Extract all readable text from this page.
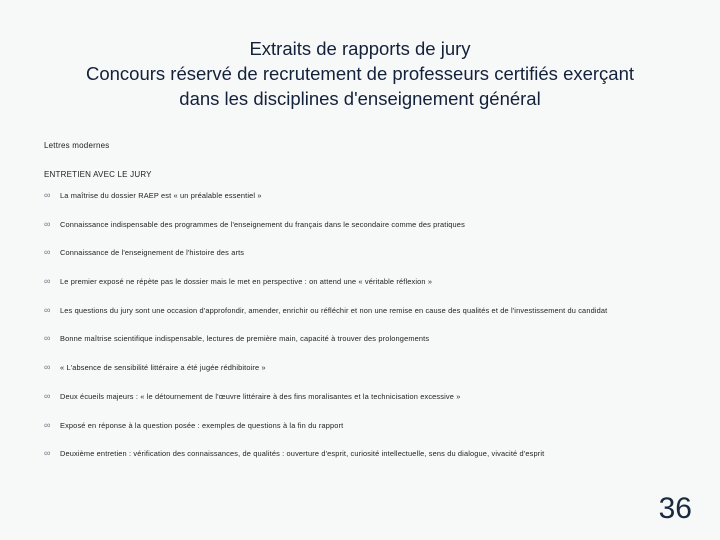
Extraits de rapports de jury
Concours réservé de recrutement de professeurs certifiés exerçant
dans les disciplines d'enseignement général
Lettres modernes
ENTRETIEN AVEC LE JURY
∞	La maîtrise du dossier RAEP est « un préalable essentiel »
∞	Connaissance indispensable des programmes de l'enseignement du français dans le secondaire comme des pratiques
∞	Connaissance de l'enseignement de l'histoire des arts
∞	Le premier exposé ne répète pas le dossier mais le met en perspective : on attend une « véritable réflexion »
∞	Les questions du jury sont une occasion d'approfondir, amender, enrichir ou réfléchir et non une remise en cause des qualités et de l'investissement du candidat
∞	Bonne maîtrise scientifique indispensable, lectures de première main, capacité à trouver des prolongements
∞	« L'absence de sensibilité littéraire a été jugée rédhibitoire »
∞	Deux écueils majeurs : « le détournement de l'œuvre littéraire à des fins moralisantes et la technicisation excessive »
∞	Exposé en réponse à la question posée : exemples de questions à la fin du rapport
∞	Deuxième entretien : vérification des connaissances, de qualités : ouverture d'esprit, curiosité intellectuelle, sens du dialogue, vivacité d'esprit
36
